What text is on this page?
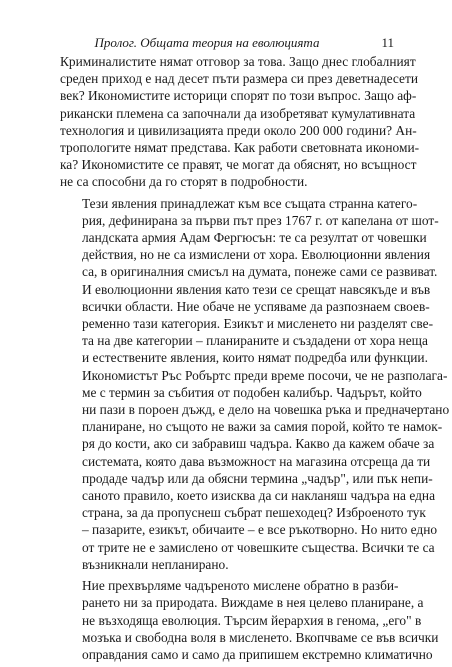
Пролог. Общата теория на еволюцията	11
Криминалистите нямат отговор за това. Защо днес глобалният
среден приход е над десет пъти размера си през деветнадесети
век? Икономистите историци спорят по този въпрос. Защо аф-
рикански племена са започнали да изобретяват кумулативната
технология и цивилизацията преди около 200 000 години? Ан-
тропологите нямат представа. Как работи световната икономи-
ка? Икономистите се правят, че могат да обяснят, но всъщност
не са способни да го сторят в подробности.
Тези явления принадлежат към все същата странна катего-
рия, дефинирана за първи път през 1767 г. от капелана от шот-
ландската армия Адам Фергюсън: те са резултат от човешки
действия, но не са измислени от хора. Еволюционни явления
са, в оригиналния смисъл на думата, понеже сами се развиват.
И еволюционни явления като тези се срещат навсякъде и във
всички области. Ние обаче не успяваме да разпознаем своев-
ременно тази категория. Езикът и мисленето ни разделят све-
та на две категории – планираните и създадени от хора неща
и естествените явления, които нямат подредба или функции.
Икономистът Ръс Робъртс преди време посочи, че не разполага-
ме с термин за събития от подобен калибър. Чадърът, който
ни пази в пороен дъжд, е дело на човешка ръка и предначертано
планиране, но същото не важи за самия порой, който те намок-
ря до кости, ако си забравиш чадъра. Какво да кажем обаче за
системата, която дава възможност на магазина отсреща да ти
продаде чадър или да обясни термина „чадър", или пък непи-
саното правило, което изисква да си накланяш чадъра на една
страна, за да пропуснеш събрат пешеходец? Изброеното тук
– пазарите, езикът, обичаите – е все ръкотворно. Но нито едно
от трите не е замислено от човешките същества. Всички те са
възникнали непланирано.
Ние прехвърляме чадъреното мислене обратно в разби-
рането ни за природата. Виждаме в нея целево планиране, а
не възходяща еволюция. Търсим йерархия в генома, „его" в
мозъка и свободна воля в мисленето. Вкопчваме се във всички
оправдания само и само да припишем екстремно климатично
